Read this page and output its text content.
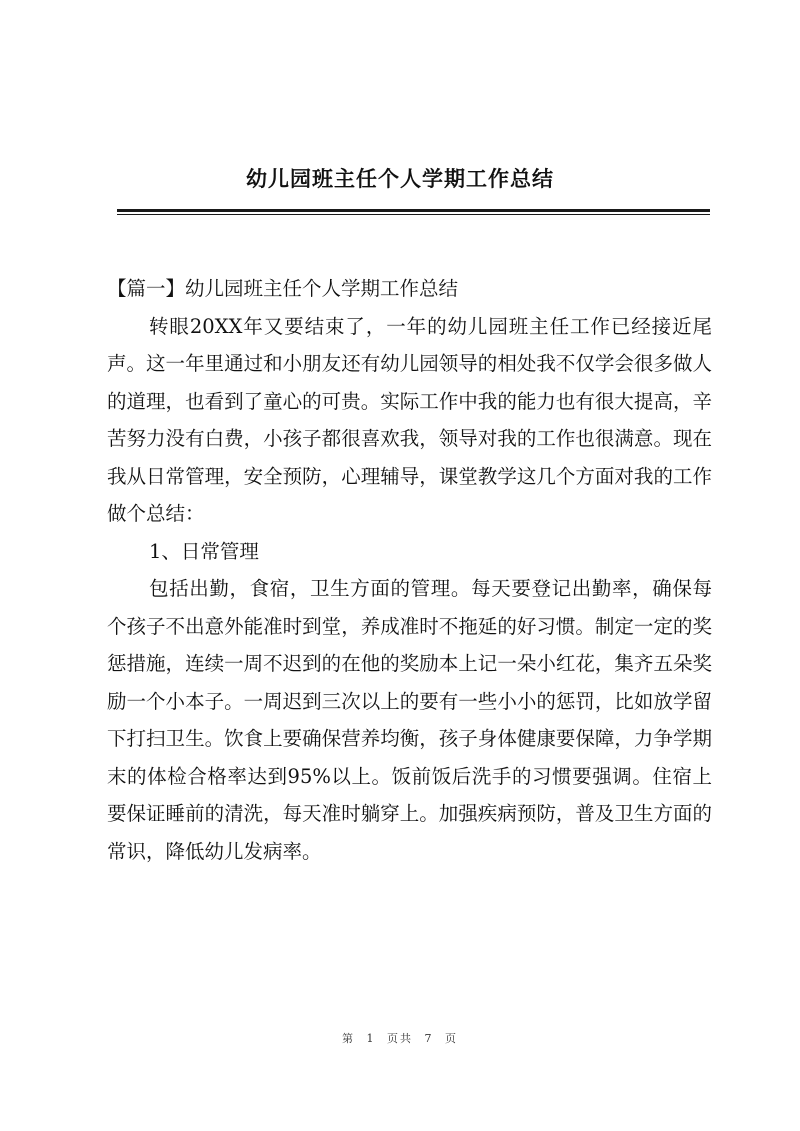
幼儿园班主任个人学期工作总结

【篇一】幼儿园班主任个人学期工作总结

转眼20XX年又要结束了，一年的幼儿园班主任工作已经接近尾声。这一年里通过和小朋友还有幼儿园领导的相处我不仅学会很多做人的道理，也看到了童心的可贵。实际工作中我的能力也有很大提高，辛苦努力没有白费，小孩子都很喜欢我，领导对我的工作也很满意。现在我从日常管理，安全预防，心理辅导，课堂教学这几个方面对我的工作做个总结：

1、日常管理

包括出勤，食宿，卫生方面的管理。每天要登记出勤率，确保每个孩子不出意外能准时到堂，养成准时不拖延的好习惯。制定一定的奖惩措施，连续一周不迟到的在他的奖励本上记一朵小红花，集齐五朵奖励一个小本子。一周迟到三次以上的要有一些小小的惩罚，比如放学留下打扫卫生。饮食上要确保营养均衡，孩子身体健康要保障，力争学期末的体检合格率达到95%以上。饭前饭后洗手的习惯要强调。住宿上要保证睡前的清洗，每天准时躺穿上。加强疾病预防，普及卫生方面的常识，降低幼儿发病率。

第 1 页共 7 页
